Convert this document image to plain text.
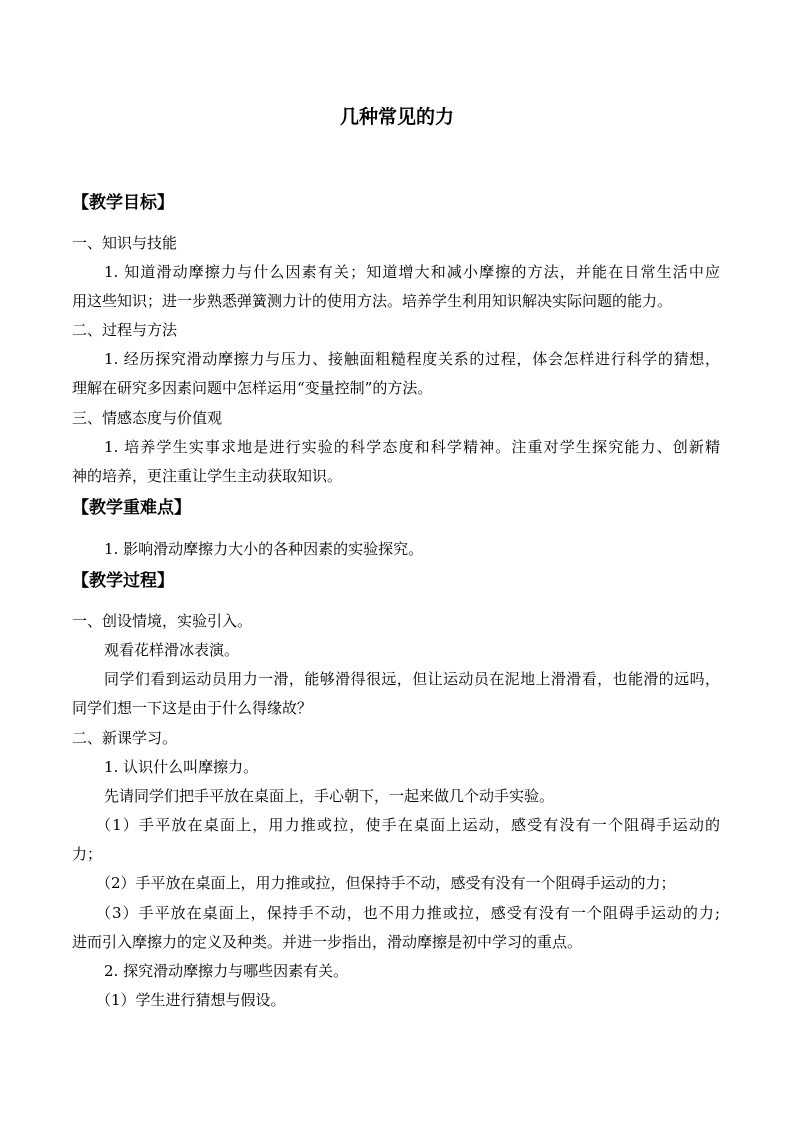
几种常见的力
【教学目标】
一、知识与技能
1. 知道滑动摩擦力与什么因素有关；知道增大和减小摩擦的方法，并能在日常生活中应
用这些知识；进一步熟悉弹簧测力计的使用方法。培养学生利用知识解决实际问题的能力。
二、过程与方法
1. 经历探究滑动摩擦力与压力、接触面粗糙程度关系的过程，体会怎样进行科学的猜想，
理解在研究多因素问题中怎样运用“变量控制”的方法。
三、情感态度与价值观
1. 培养学生实事求地是进行实验的科学态度和科学精神。注重对学生探究能力、创新精
神的培养，更注重让学生主动获取知识。
【教学重难点】
1. 影响滑动摩擦力大小的各种因素的实验探究。
【教学过程】
一、创设情境，实验引入。
观看花样滑冰表演。
同学们看到运动员用力一滑，能够滑得很远，但让运动员在泥地上滑滑看，也能滑的远吗，
同学们想一下这是由于什么得缘故？
二、新课学习。
1. 认识什么叫摩擦力。
先请同学们把手平放在桌面上，手心朝下，一起来做几个动手实验。
（1）手平放在桌面上，用力推或拉，使手在桌面上运动，感受有没有一个阻碍手运动的
力；
（2）手平放在桌面上，用力推或拉，但保持手不动，感受有没有一个阻碍手运动的力；
（3）手平放在桌面上，保持手不动，也不用力推或拉，感受有没有一个阻碍手运动的力;
进而引入摩擦力的定义及种类。并进一步指出，滑动摩擦是初中学习的重点。
2. 探究滑动摩擦力与哪些因素有关。
（1）学生进行猜想与假设。
